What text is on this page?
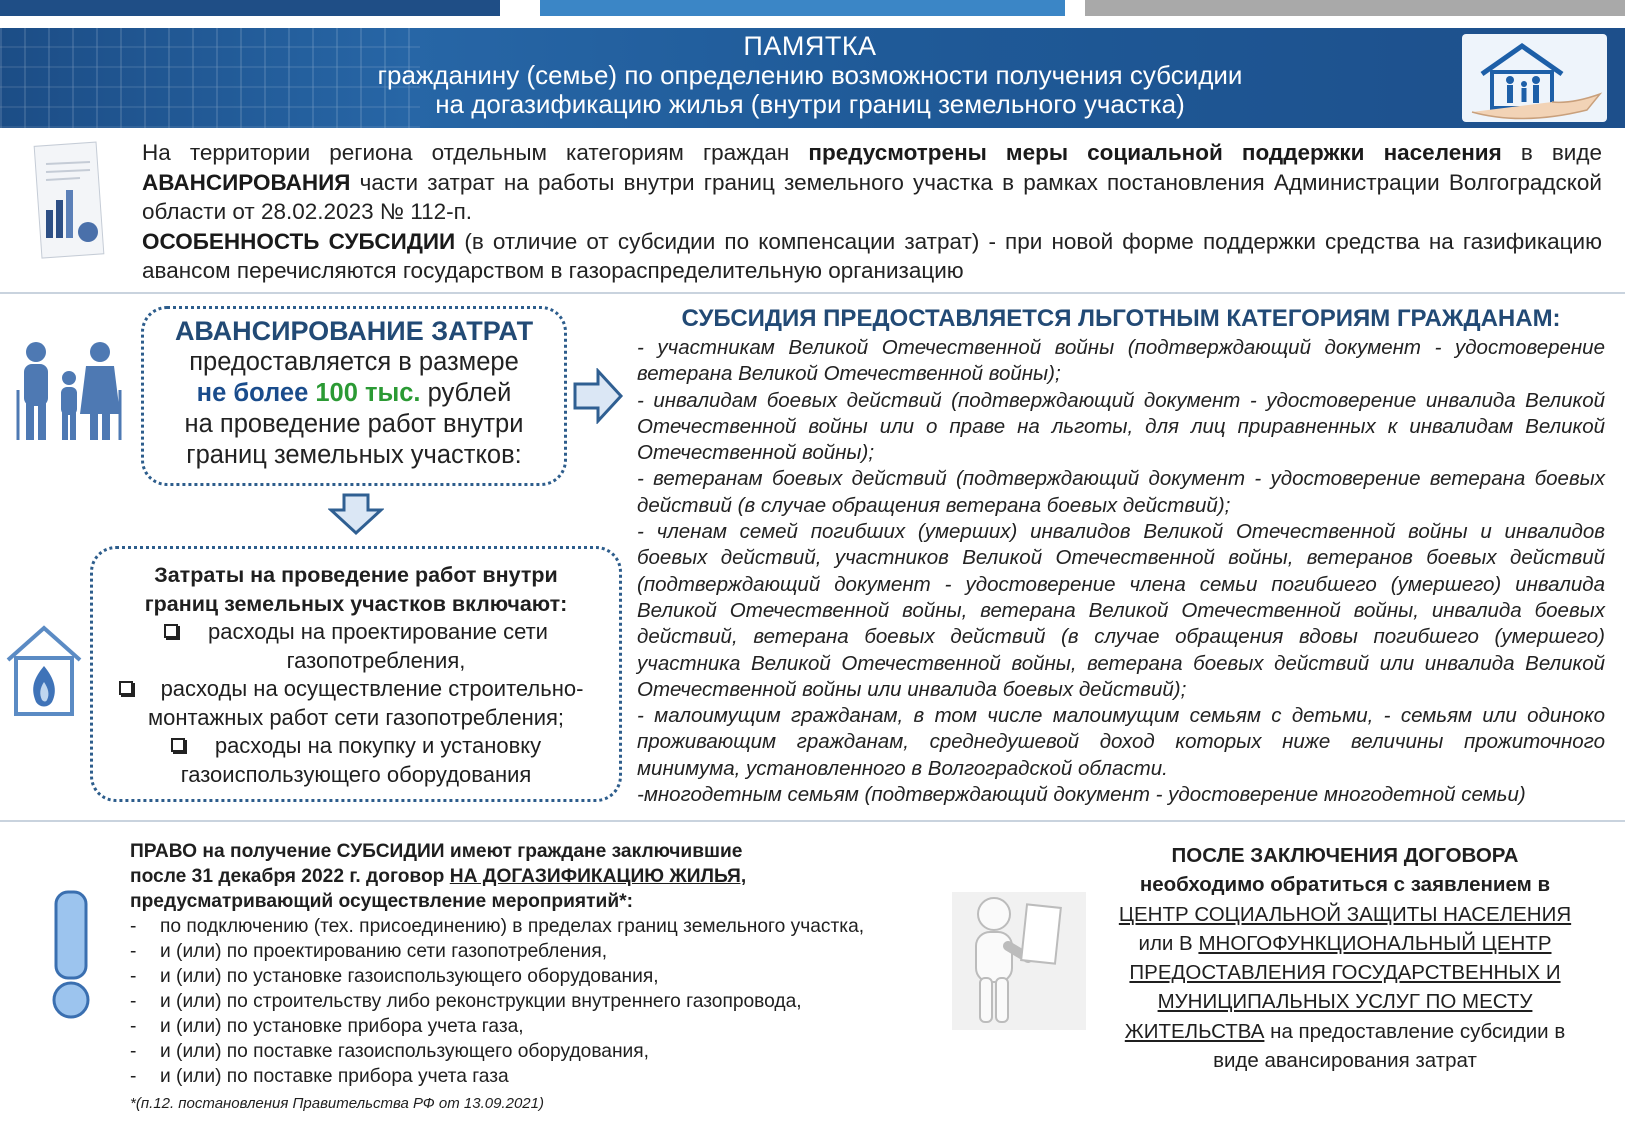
ПАМЯТКА
гражданину (семье) по определению возможности получения субсидии
на догазификацию жилья (внутри границ земельного участка)
На территории региона отдельным категориям граждан предусмотрены меры социальной поддержки населения в виде АВАНСИРОВАНИЯ части затрат на работы внутри границ земельного участка в рамках постановления Администрации Волгоградской области от 28.02.2023 № 112-п.
ОСОБЕННОСТЬ СУБСИДИИ (в отличие от субсидии по компенсации затрат) - при новой форме поддержки средства на газификацию авансом перечисляются государством в газораспределительную организацию
АВАНСИРОВАНИЕ ЗАТРАТ
предоставляется в размере
не более 100 тыс. рублей
на проведение работ внутри
границ земельных участков:
Затраты на проведение работ внутри
границ земельных участков включают:
расходы на проектирование сети
газопотребления,
расходы на осуществление строительно-
монтажных работ сети газопотребления;
расходы на покупку и установку
газоиспользующего оборудования
СУБСИДИЯ ПРЕДОСТАВЛЯЕТСЯ ЛЬГОТНЫМ КАТЕГОРИЯМ ГРАЖДАНАМ:
- участникам Великой Отечественной войны (подтверждающий документ - удостоверение ветерана Великой Отечественной войны);
- инвалидам боевых действий (подтверждающий документ - удостоверение инвалида Великой Отечественной войны или о праве на льготы, для лиц приравненных к инвалидам Великой Отечественной войны);
- ветеранам боевых действий (подтверждающий документ - удостоверение ветерана боевых действий (в случае обращения ветерана боевых действий);
- членам семей погибших (умерших) инвалидов Великой Отечественной войны и инвалидов боевых действий, участников Великой Отечественной войны, ветеранов боевых действий (подтверждающий документ - удостоверение члена семьи погибшего (умершего) инвалида Великой Отечественной войны, ветерана Великой Отечественной войны, инвалида боевых действий, ветерана боевых действий (в случае обращения вдовы погибшего (умершего) участника Великой Отечественной войны, ветерана боевых действий или инвалида Великой Отечественной войны или инвалида боевых действий);
- малоимущим гражданам, в том числе малоимущим семьям с детьми, - семьям или одиноко проживающим гражданам, среднедушевой доход которых ниже величины прожиточного минимума, установленного в Волгоградской области.
-многодетным семьям (подтверждающий документ - удостоверение многодетной семьи)
ПРАВО на получение СУБСИДИИ имеют граждане заключившие
после 31 декабря 2022 г. договор НА ДОГАЗИФИКАЦИЮ ЖИЛЬЯ,
предусматривающий осуществление мероприятий*:
-	по подключению (тех. присоединению) в пределах границ земельного участка,
-	и (или) по проектированию сети газопотребления,
-	и (или) по установке газоиспользующего оборудования,
-	и (или) по строительству либо реконструкции внутреннего газопровода,
-	и (или) по установке прибора учета газа,
-	и (или) по поставке газоиспользующего оборудования,
-	и (или) по поставке прибора учета газа
*(п.12. постановления Правительства РФ от 13.09.2021)
ПОСЛЕ ЗАКЛЮЧЕНИЯ ДОГОВОРА
необходимо обратиться с заявлением в
ЦЕНТР СОЦИАЛЬНОЙ ЗАЩИТЫ НАСЕЛЕНИЯ
или В МНОГОФУНКЦИОНАЛЬНЫЙ ЦЕНТР
ПРЕДОСТАВЛЕНИЯ ГОСУДАРСТВЕННЫХ И
МУНИЦИПАЛЬНЫХ УСЛУГ ПО МЕСТУ
ЖИТЕЛЬСТВА на предоставление субсидии в
виде авансирования затрат
